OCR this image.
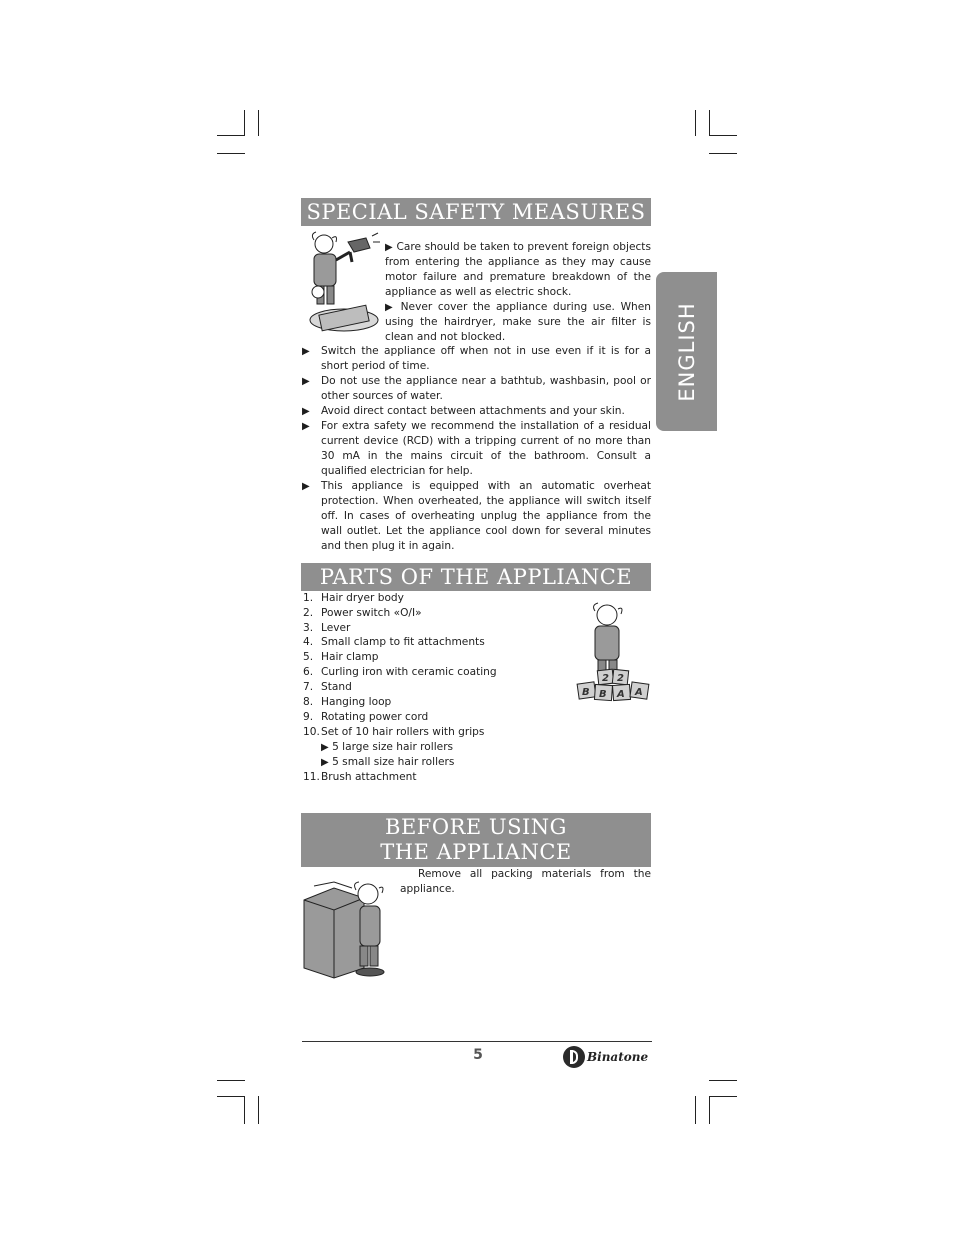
ENGLISH
SPECIAL SAFETY MEASURES
▶ Care should be taken to prevent foreign objects from entering the appliance as they may cause motor failure and premature breakdown of the appliance as well as electric shock.
▶ Never cover the appliance during use. When using the hairdryer, make sure the air filter is clean and not blocked.
▶ Switch the appliance off when not in use even if it is for a short period of time.
▶ Do not use the appliance near a bathtub, washbasin, pool or other sources of water.
▶ Avoid direct contact between attachments and your skin.
▶ For extra safety we recommend the installation of a residual current device (RCD) with a tripping current of no more than 30 mA in the mains circuit of the bathroom. Consult a qualified electrician for help.
▶ This appliance is equipped with an automatic overheat protection. When overheated, the appliance will switch itself off. In cases of overheating unplug the appliance from the wall outlet. Let the appliance cool down for several minutes and then plug it in again.
PARTS OF THE APPLIANCE
1. Hair dryer body
2. Power switch «O/I»
3. Lever
4. Small clamp to fit attachments
5. Hair clamp
6. Curling iron with ceramic coating
7. Stand
8. Hanging loop
9. Rotating power cord
10.Set of 10 hair rollers with grips
▶ 5 large size hair rollers
▶ 5 small size hair rollers
11.Brush attachment
2 2
B B A A
BEFORE USING
THE APPLIANCE
Remove all packing materials from the appliance.
5	Binatone
